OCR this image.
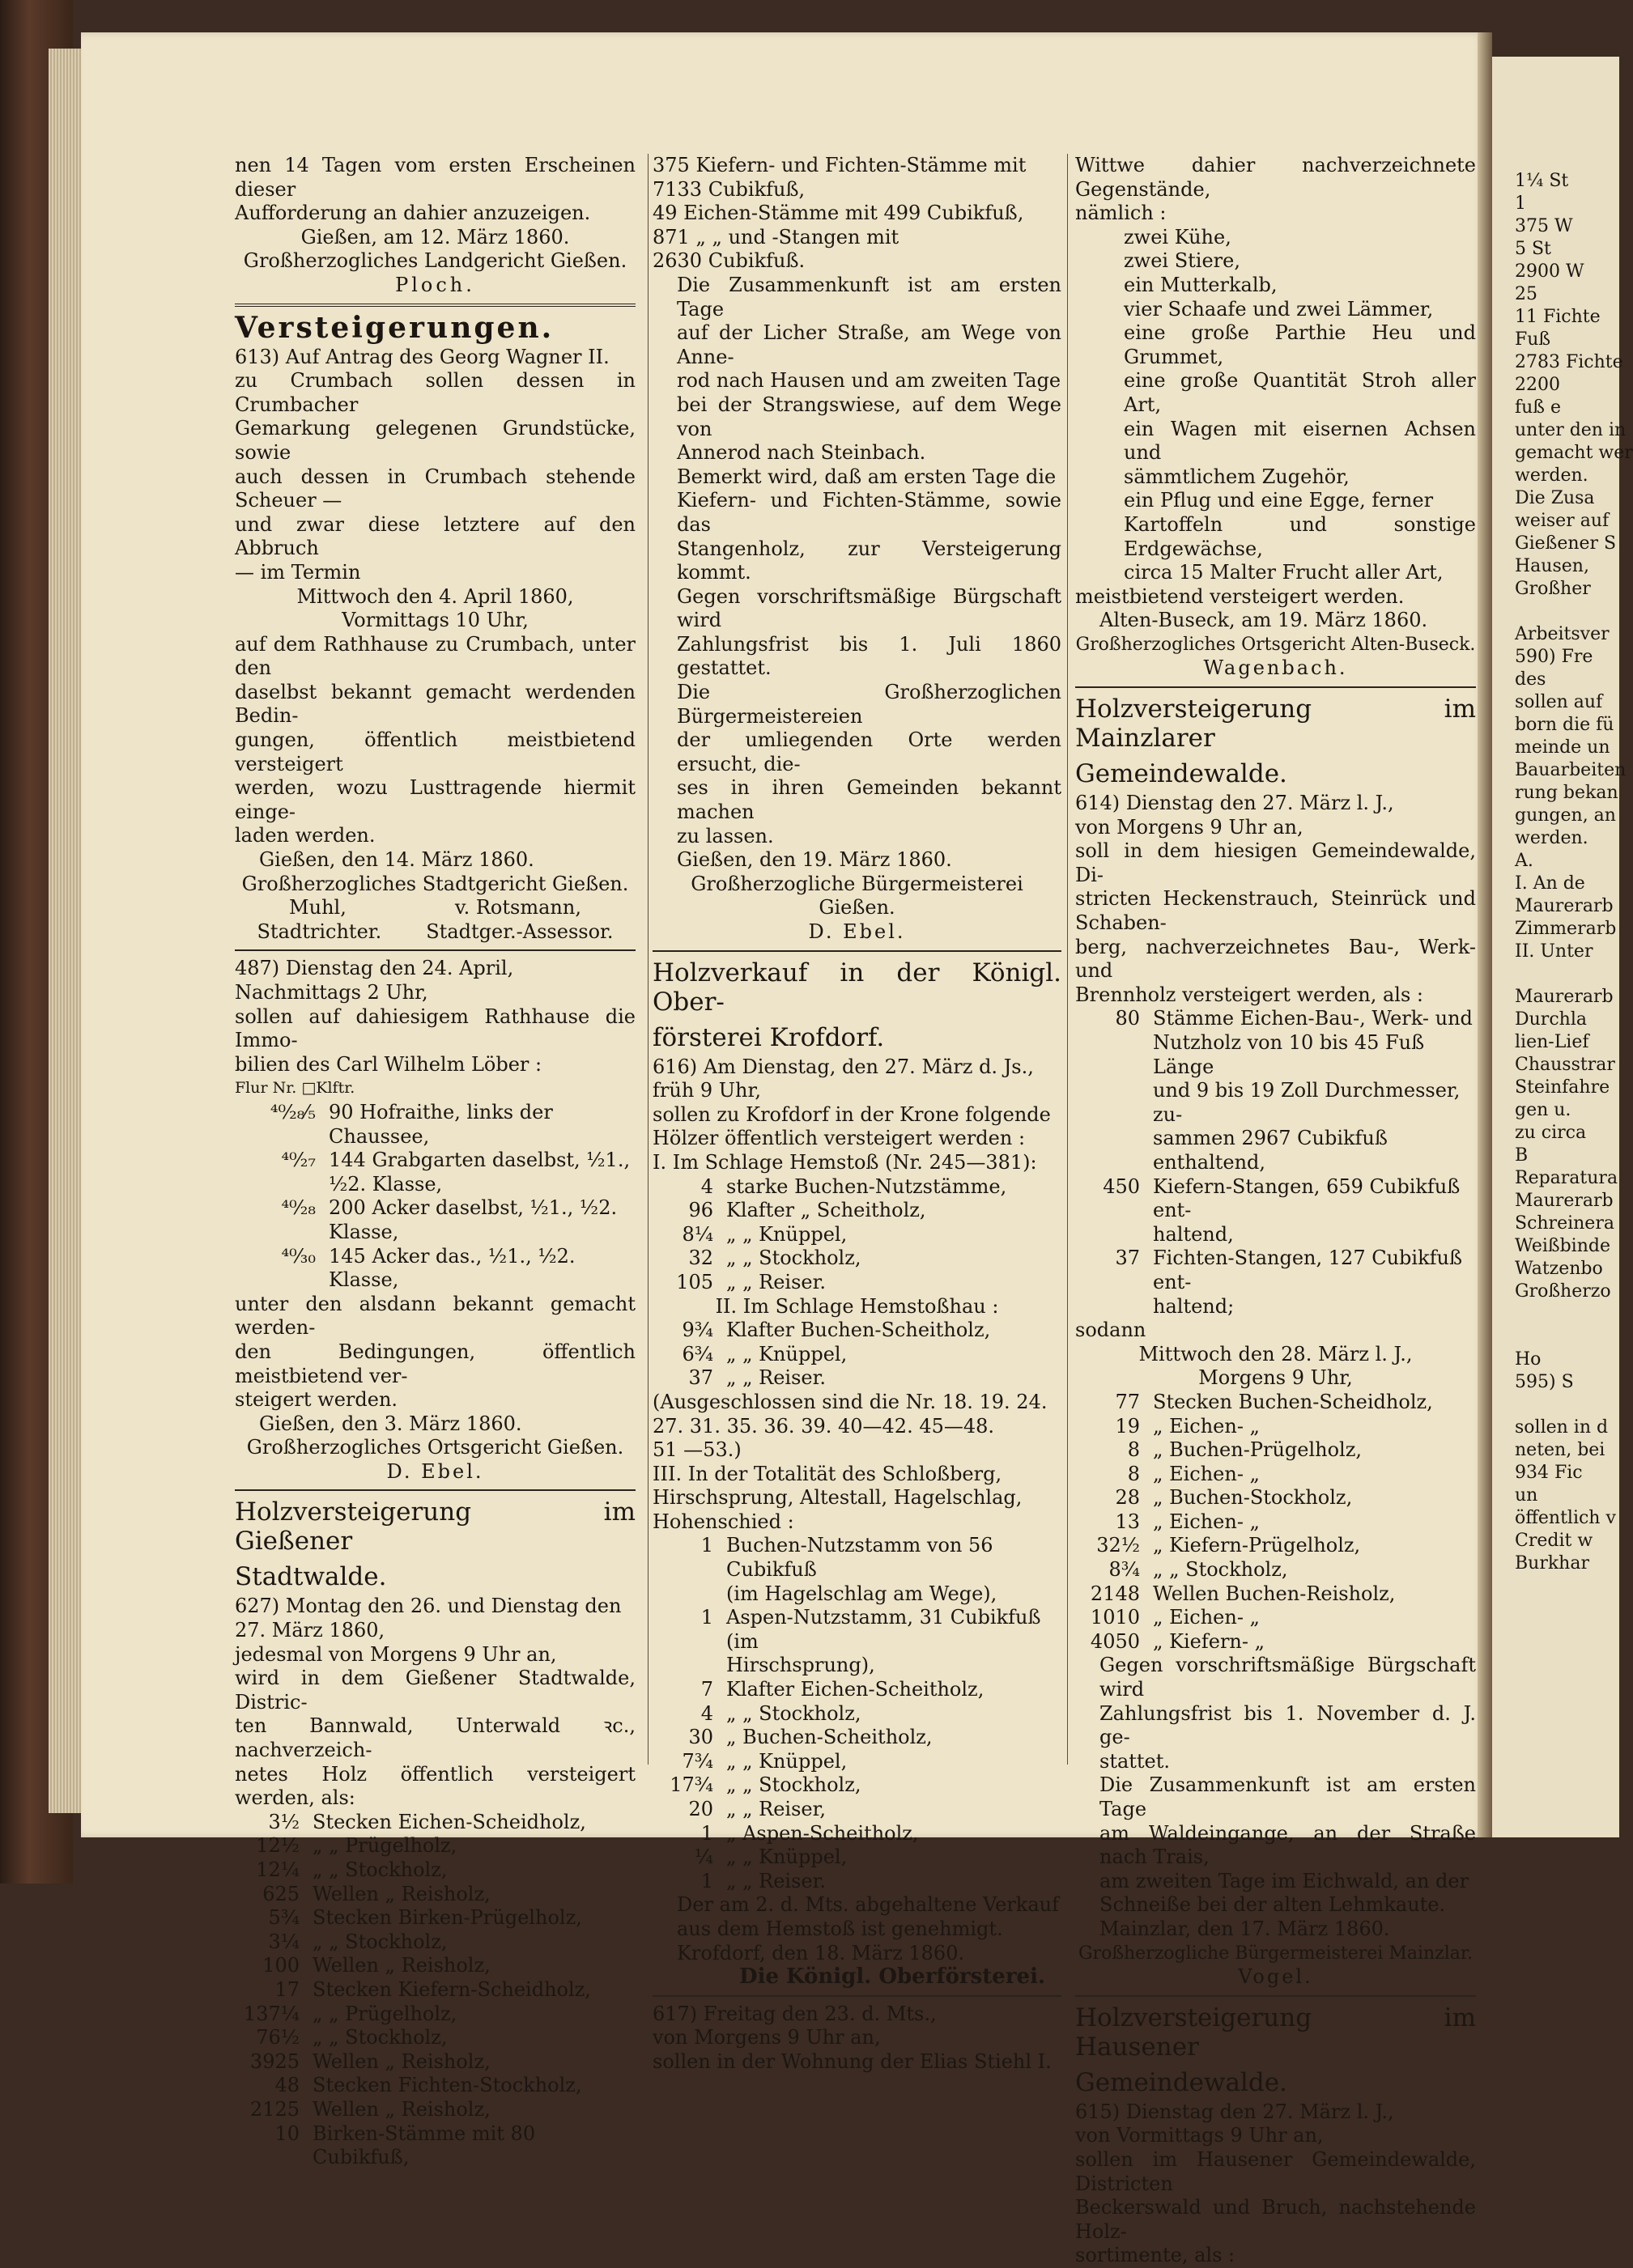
nen 14 Tagen vom ersten Erscheinen dieser

Aufforderung an dahier anzuzeigen.

Gießen, am 12. März 1860.

Großherzogliches Landgericht Gießen.

Ploch.

Versteigerungen.

613) Auf Antrag des Georg Wagner II.

zu Crumbach sollen dessen in Crumbacher

Gemarkung gelegenen Grundstücke, sowie

auch dessen in Crumbach stehende Scheuer —

und zwar diese letztere auf den Abbruch

— im Termin

Mittwoch den 4. April 1860,

Vormittags 10 Uhr,

auf dem Rathhause zu Crumbach, unter den

daselbst bekannt gemacht werdenden Bedin-

gungen, öffentlich meistbietend versteigert

werden, wozu Lusttragende hiermit einge-

laden werden.

Gießen, den 14. März 1860.

Großherzogliches Stadtgericht Gießen.

Muhl,	v. Rotsmann,
Stadtrichter. Stadtger.-Assessor.

487) Dienstag den 24. April,

Nachmittags 2 Uhr,

sollen auf dahiesigem Rathhause die Immo-

bilien des Carl Wilhelm Löber :

Flur Nr. □Klftr.

⁴⁰⁄₂₈⁄₅ 90 Hofraithe, links der Chaussee,
⁴⁰⁄₂₇ 144 Grabgarten daselbst, ½1.,
½2. Klasse,
⁴⁰⁄₂₈ 200 Acker daselbst, ½1., ½2.
Klasse,
⁴⁰⁄₃₀ 145 Acker das., ½1., ½2. Klasse,

unter den alsdann bekannt gemacht werden-

den Bedingungen, öffentlich meistbietend ver-

steigert werden.

Gießen, den 3. März 1860.

Großherzogliches Ortsgericht Gießen.

D. Ebel.

Holzversteigerung im Gießener

Stadtwalde.

627) Montag den 26. und Dienstag den

27. März 1860,

jedesmal von Morgens 9 Uhr an,

wird in dem Gießener Stadtwalde, Distric-

ten Bannwald, Unterwald ꝛc., nachverzeich-

netes Holz öffentlich versteigert werden, als:

3½ Stecken Eichen-Scheidholz,
12½ „ „ Prügelholz,
12¼ „ „ Stockholz,
625 Wellen „ Reisholz,
5¾ Stecken Birken-Prügelholz,
3¼ „ „ Stockholz,
100 Wellen „ Reisholz,
17 Stecken Kiefern-Scheidholz,
137¼ „ „ Prügelholz,
76½ „ „ Stockholz,
3925 Wellen „ Reisholz,
48 Stecken Fichten-Stockholz,
2125 Wellen „ Reisholz,
10 Birken-Stämme mit 80 Cubikfuß,

375 Kiefern- und Fichten-Stämme mit

7133 Cubikfuß,

49 Eichen-Stämme mit 499 Cubikfuß,

871 „ „ und -Stangen mit

2630 Cubikfuß.

Die Zusammenkunft ist am ersten Tage

auf der Licher Straße, am Wege von Anne-

rod nach Hausen und am zweiten Tage

bei der Strangswiese, auf dem Wege von

Annerod nach Steinbach.

Bemerkt wird, daß am ersten Tage die

Kiefern- und Fichten-Stämme, sowie das

Stangenholz, zur Versteigerung kommt.

Gegen vorschriftsmäßige Bürgschaft wird

Zahlungsfrist bis 1. Juli 1860 gestattet.

Die Großherzoglichen Bürgermeistereien

der umliegenden Orte werden ersucht, die-

ses in ihren Gemeinden bekannt machen

zu lassen.

Gießen, den 19. März 1860.

Großherzogliche Bürgermeisterei Gießen.

D. Ebel.

Holzverkauf in der Königl. Ober-

försterei Krofdorf.

616) Am Dienstag, den 27. März d. Js.,

früh 9 Uhr,

sollen zu Krofdorf in der Krone folgende

Hölzer öffentlich versteigert werden :

I. Im Schlage Hemstoß (Nr. 245—381):

4 starke Buchen-Nutzstämme,
96 Klafter „ Scheitholz,
8¼ „ „ Knüppel,
32 „ „ Stockholz,
105 „ „ Reiser.

II. Im Schlage Hemstoßhau :

9¾ Klafter Buchen-Scheitholz,
6¾ „ „ Knüppel,
37 „ „ Reiser.

(Ausgeschlossen sind die Nr. 18. 19. 24.

27. 31. 35. 36. 39. 40—42. 45—48.

51 —53.)

III. In der Totalität des Schloßberg,

Hirschsprung, Altestall, Hagelschlag,

Hohenschied :

1 Buchen-Nutzstamm von 56 Cubikfuß
(im Hagelschlag am Wege),
1 Aspen-Nutzstamm, 31 Cubikfuß (im
Hirschsprung),
7 Klafter Eichen-Scheitholz,
4 „ „ Stockholz,
30 „ Buchen-Scheitholz,
7¾ „ „ Knüppel,
17¾ „ „ Stockholz,
20 „ „ Reiser,
1 „ Aspen-Scheitholz,
¼ „ „ Knüppel,
1 „ „ Reiser.

Der am 2. d. Mts. abgehaltene Verkauf

aus dem Hemstoß ist genehmigt.

Krofdorf, den 18. März 1860.

Die Königl. Oberförsterei.

617) Freitag den 23. d. Mts.,

von Morgens 9 Uhr an,

sollen in der Wohnung der Elias Stiehl I.

Wittwe dahier nachverzeichnete Gegenstände,

nämlich :

zwei Kühe,

zwei Stiere,

ein Mutterkalb,

vier Schaafe und zwei Lämmer,

eine große Parthie Heu und Grummet,

eine große Quantität Stroh aller Art,

ein Wagen mit eisernen Achsen und

sämmtlichem Zugehör,

ein Pflug und eine Egge, ferner

Kartoffeln und sonstige Erdgewächse,

circa 15 Malter Frucht aller Art,

meistbietend versteigert werden.

Alten-Buseck, am 19. März 1860.

Großherzogliches Ortsgericht Alten-Buseck.

Wagenbach.

Holzversteigerung im Mainzlarer

Gemeindewalde.

614) Dienstag den 27. März l. J.,

von Morgens 9 Uhr an,

soll in dem hiesigen Gemeindewalde, Di-

stricten Heckenstrauch, Steinrück und Schaben-

berg, nachverzeichnetes Bau-, Werk- und

Brennholz versteigert werden, als :

80 Stämme Eichen-Bau-, Werk- und
Nutzholz von 10 bis 45 Fuß Länge
und 9 bis 19 Zoll Durchmesser, zu-
sammen 2967 Cubikfuß enthaltend,
450 Kiefern-Stangen, 659 Cubikfuß ent-
haltend,
37 Fichten-Stangen, 127 Cubikfuß ent-
haltend;

sodann

Mittwoch den 28. März l. J.,

Morgens 9 Uhr,

77 Stecken Buchen-Scheidholz,
19 „ Eichen- „
8 „ Buchen-Prügelholz,
8 „ Eichen- „
28 „ Buchen-Stockholz,
13 „ Eichen- „
32½ „ Kiefern-Prügelholz,
8¾ „ „ Stockholz,
2148 Wellen Buchen-Reisholz,
1010 „ Eichen- „
4050 „ Kiefern- „

Gegen vorschriftsmäßige Bürgschaft wird

Zahlungsfrist bis 1. November d. J. ge-

stattet.

Die Zusammenkunft ist am ersten Tage

am Waldeingange, an der Straße nach Trais,

am zweiten Tage im Eichwald, an der

Schneiße bei der alten Lehmkaute.

Mainzlar, den 17. März 1860.

Großherzogliche Bürgermeisterei Mainzlar.

Vogel.

Holzversteigerung im Hausener

Gemeindewalde.

615) Dienstag den 27. März l. J.,

von Vormittags 9 Uhr an,

sollen im Hausener Gemeindewalde, Districten

Beckerswald und Bruch, nachstehende Holz-

sortimente, als :

1¼ St

1

375 W

5 St

2900 W

25

11 Fichte

Fuß

2783 Fichte

2200

fuß e

unter den in

gemacht wer

werden.

Die Zusa

weiser auf

Gießener S

Hausen,

Großher

Arbeitsver

590) Fre

des

sollen auf

born die fü

meinde un

Bauarbeiten

rung bekan

gungen, an

werden.

A.

I. An de

Maurerarb

Zimmerarb

II. Unter

Maurerarb

Durchla

lien-Lief

Chausstrar

Steinfahre

gen u.

zu circa

B

Reparatura

Maurerarb

Schreinera

Weißbinde

Watzenbo

Großherzo

Ho

595) S

sollen in d

neten, bei

934 Fic

un

öffentlich v

Credit w

Burkhar
